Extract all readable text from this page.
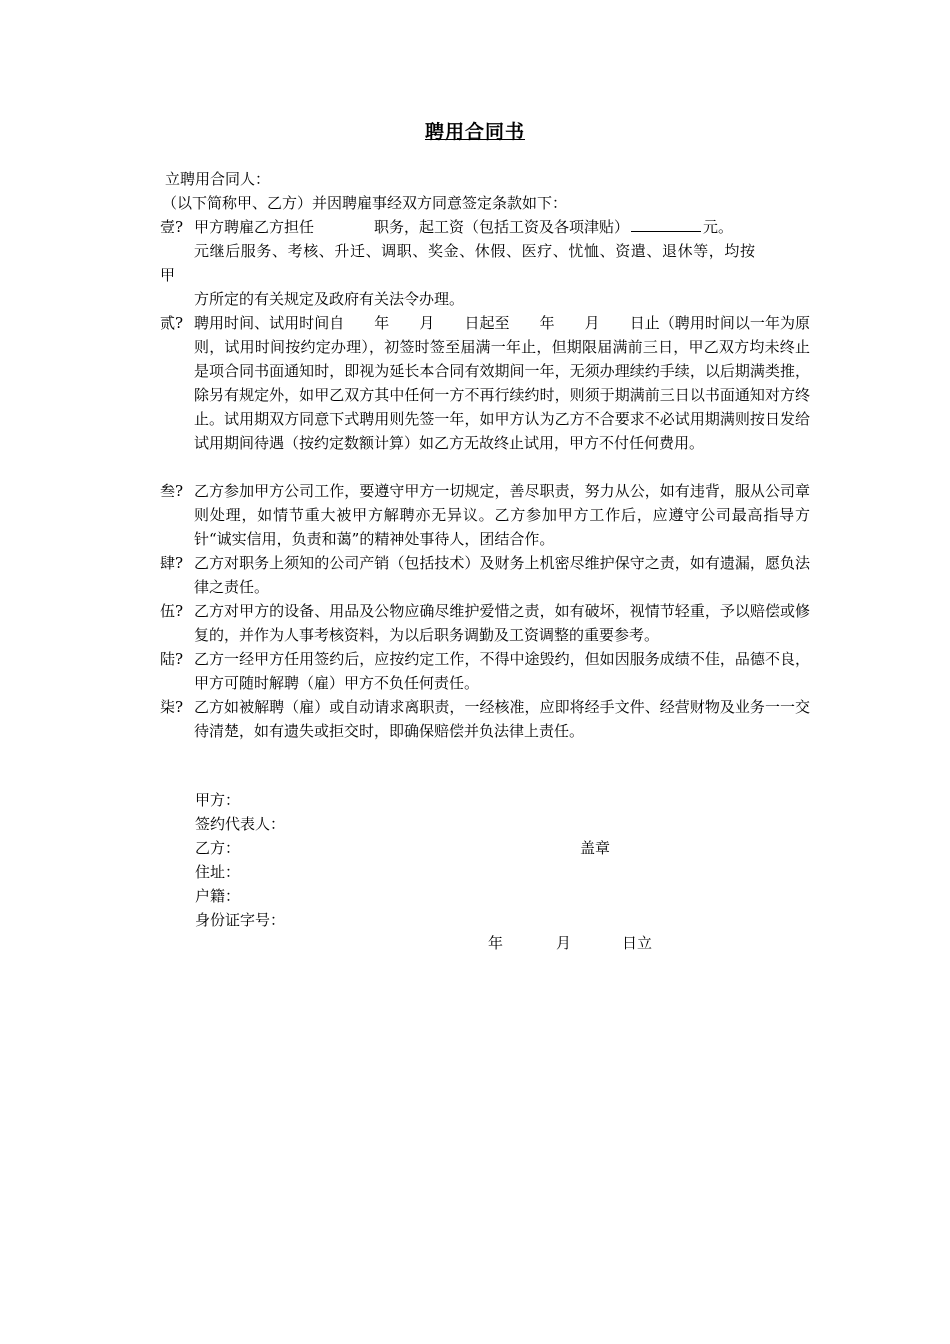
聘用合同书
立聘用合同人：
（以下简称甲、乙方）并因聘雇事经双方同意签定条款如下：
壹? 甲方聘雇乙方担任	职务，起工资（包括工资及各项津贴）	元。
元继后服务、考核、升迁、调职、奖金、休假、医疗、忧恤、资遣、退休等，均按
甲
方所定的有关规定及政府有关法令办理。
贰? 聘用时间、试用时间自　　年　　月　　日起至　　年　　月　　日止（聘用时间以一年为原则，试用时间按约定办理），初签时签至届满一年止，但期限届满前三日，甲乙双方均未终止是项合同书面通知时，即视为延长本合同有效期间一年，无须办理续约手续，以后期满类推，除另有规定外，如甲乙双方其中任何一方不再行续约时，则须于期满前三日以书面通知对方终止。试用期双方同意下式聘用则先签一年，如甲方认为乙方不合要求不必试用期满则按日发给试用期间待遇（按约定数额计算）如乙方无故终止试用，甲方不付任何费用。
叁? 乙方参加甲方公司工作，要遵守甲方一切规定，善尽职责，努力从公，如有违背，服从公司章则处理，如情节重大被甲方解聘亦无异议。乙方参加甲方工作后，应遵守公司最高指导方针“诚实信用，负责和蔼”的精神处事待人，团结合作。
肆? 乙方对职务上须知的公司产销（包括技术）及财务上机密尽维护保守之责，如有遗漏，愿负法律之责任。
伍? 乙方对甲方的设备、用品及公物应确尽维护爱惜之责，如有破坏，视情节轻重，予以赔偿或修复的，并作为人事考核资料，为以后职务调勤及工资调整的重要参考。
陆? 乙方一经甲方任用签约后，应按约定工作，不得中途毁约，但如因服务成绩不佳，品德不良，甲方可随时解聘（雇）甲方不负任何责任。
柒? 乙方如被解聘（雇）或自动请求离职责，一经核准，应即将经手文件、经营财物及业务一一交待清楚，如有遗失或拒交时，即确保赔偿并负法律上责任。
甲方：
签约代表人：
乙方：	盖章
住址：
户籍：
身份证字号：
年	月	日立
